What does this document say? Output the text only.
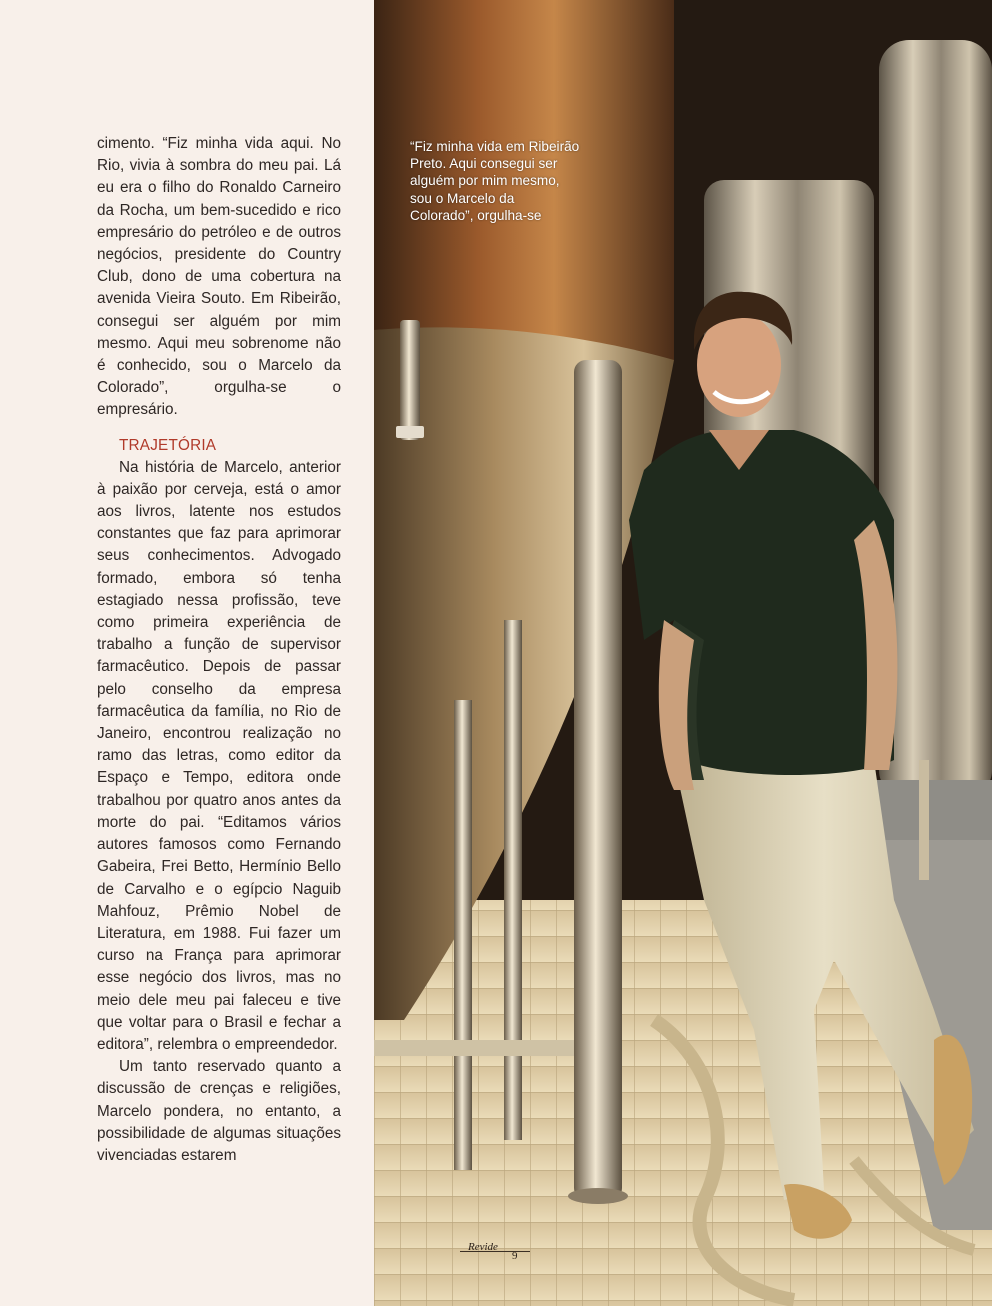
cimento. “Fiz minha vida aqui. No Rio, vivia à sombra do meu pai. Lá eu era o filho do Ronaldo Carneiro da Rocha, um bem-sucedido e rico empresário do petróleo e de outros negócios, presidente do Country Club, dono de uma cobertura na avenida Vieira Souto. Em Ribeirão, consegui ser alguém por mim mesmo. Aqui meu sobrenome não é conhecido, sou o Marcelo da Colorado”, orgulha-se o empresário.

TRAJETÓRIA

Na história de Marcelo, anterior à paixão por cerveja, está o amor aos livros, latente nos estudos constantes que faz para aprimorar seus conhecimentos. Advogado formado, embora só tenha estagiado nessa profissão, teve como primeira experiência de trabalho a função de supervisor farmacêutico. Depois de passar pelo conselho da empresa farmacêutica da família, no Rio de Janeiro, encontrou realização no ramo das letras, como editor da Espaço e Tempo, editora onde trabalhou por quatro anos antes da morte do pai. “Editamos vários autores famosos como Fernando Gabeira, Frei Betto, Hermínio Bello de Carvalho e o egípcio Naguib Mahfouz, Prêmio Nobel de Literatura, em 1988. Fui fazer um curso na França para aprimorar esse negócio dos livros, mas no meio dele meu pai faleceu e tive que voltar para o Brasil e fechar a editora”, relembra o empreendedor.

Um tanto reservado quanto a discussão de crenças e religiões, Marcelo pondera, no entanto, a possibilidade de algumas situações vivenciadas estarem

“Fiz minha vida em Ribeirão Preto. Aqui consegui ser alguém por mim mesmo, sou o Marcelo da Colorado”, orgulha-se
Revide
9
